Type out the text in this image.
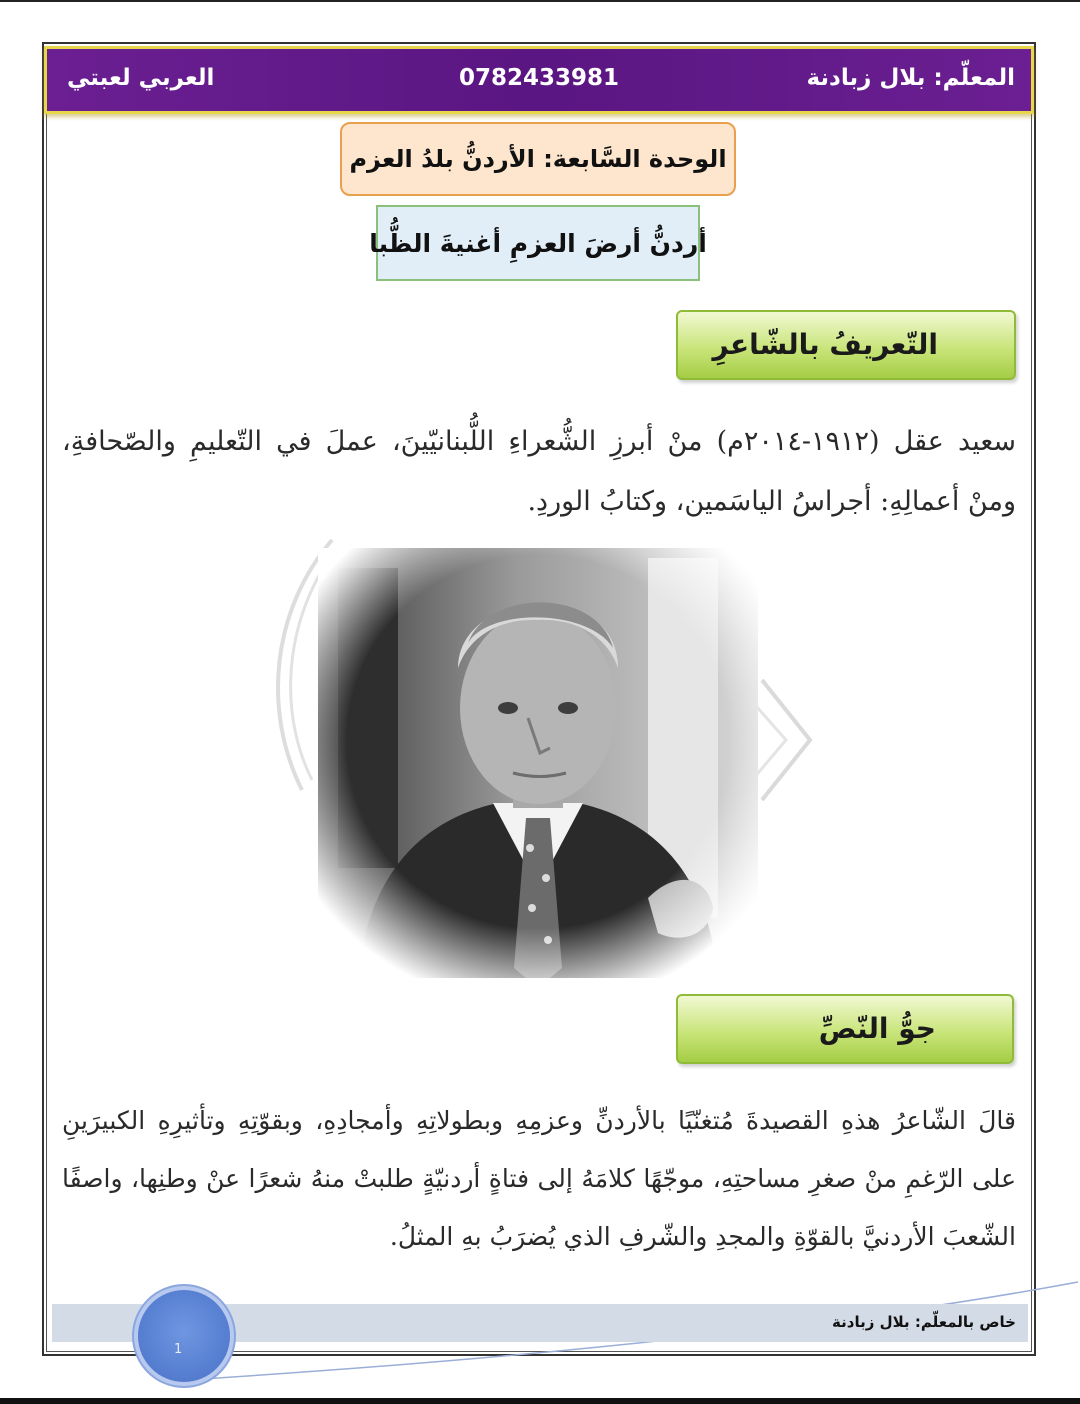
المعلّم: بلال زبادنة
0782433981
العربي لعبتي
الوحدة السَّابعة: الأردنُّ بلدُ العزم
أردنُّ أرضَ العزمِ أغنيةَ الظُّبا
التّعريفُ بالشّاعرِ
سعيد عقل (١٩١٢-٢٠١٤م) منْ أبرزِ الشُّعراءِ اللُّبنانيّينَ، عملَ في التّعليمِ والصّحافةِ، ومنْ أعمالِهِ: أجراسُ الياسَمين، وكتابُ الوردِ.
جوُّ النّصِّ
قالَ الشّاعرُ هذهِ القصيدةَ مُتغنّيًا بالأردنِّ وعزمِهِ وبطولاتِهِ وأمجادِهِ، وبقوّتِهِ وتأثيرِهِ الكبيرَينِ على الرّغمِ منْ صغرِ مساحتِهِ، موجّهًا كلامَهُ إلى فتاةٍ أردنيّةٍ طلبتْ منهُ شعرًا عنْ وطنِها، واصفًا الشّعبَ الأردنيَّ بالقوّةِ والمجدِ والشّرفِ الذي يُضرَبُ بهِ المثلُ.
خاص بالمعلّم: بلال زبادنة
1
